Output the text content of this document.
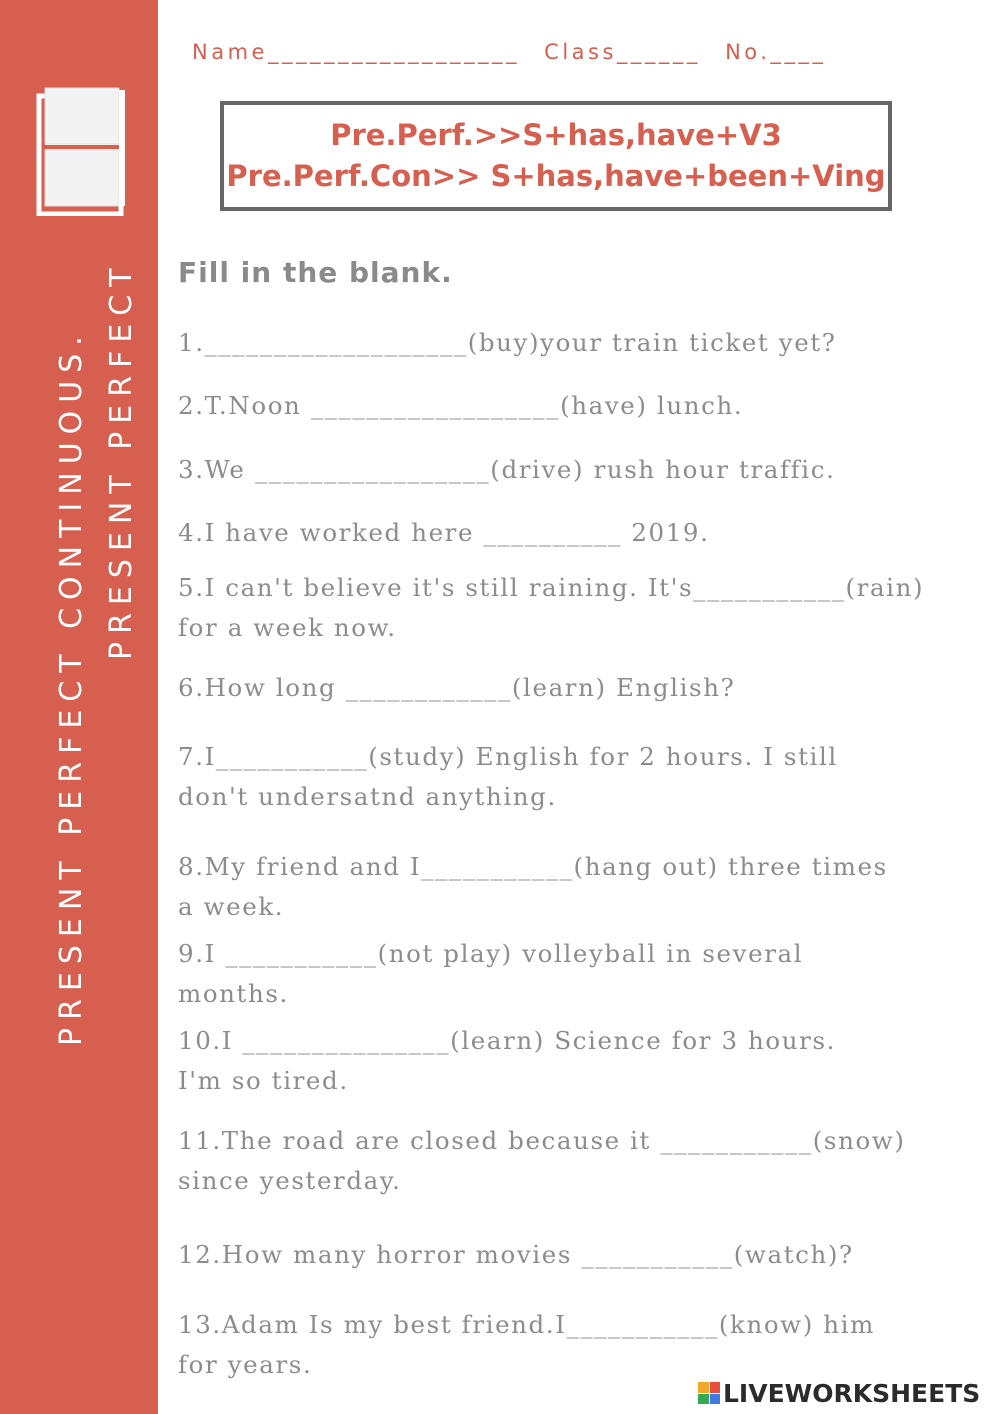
PRESENT PERFECT CONTINUOUS. PRESENT PERFECT
Name__________________ Class______ No.____
Pre.Perf.>>S+has,have+V3
Pre.Perf.Con>> S+has,have+been+Ving
Fill in the blank.
1.___________________(buy)your train ticket yet?
2.T.Noon __________________(have) lunch.
3.We _________________(drive) rush hour traffic.
4.I have worked here __________ 2019.
5.I can't believe it's still raining. It's___________(rain)
for a week now.
6.How long ____________(learn) English?
7.I___________(study) English for 2 hours. I still
don't undersatnd anything.
8.My friend and I___________(hang out) three times
a week.
9.I ___________(not play) volleyball in several
months.
10.I _______________(learn) Science for 3 hours.
I'm so tired.
11.The road are closed because it ___________(snow)
since yesterday.
12.How many horror movies ___________(watch)?
13.Adam Is my best friend.I___________(know) him
for years.
LIVEWORKSHEETS
